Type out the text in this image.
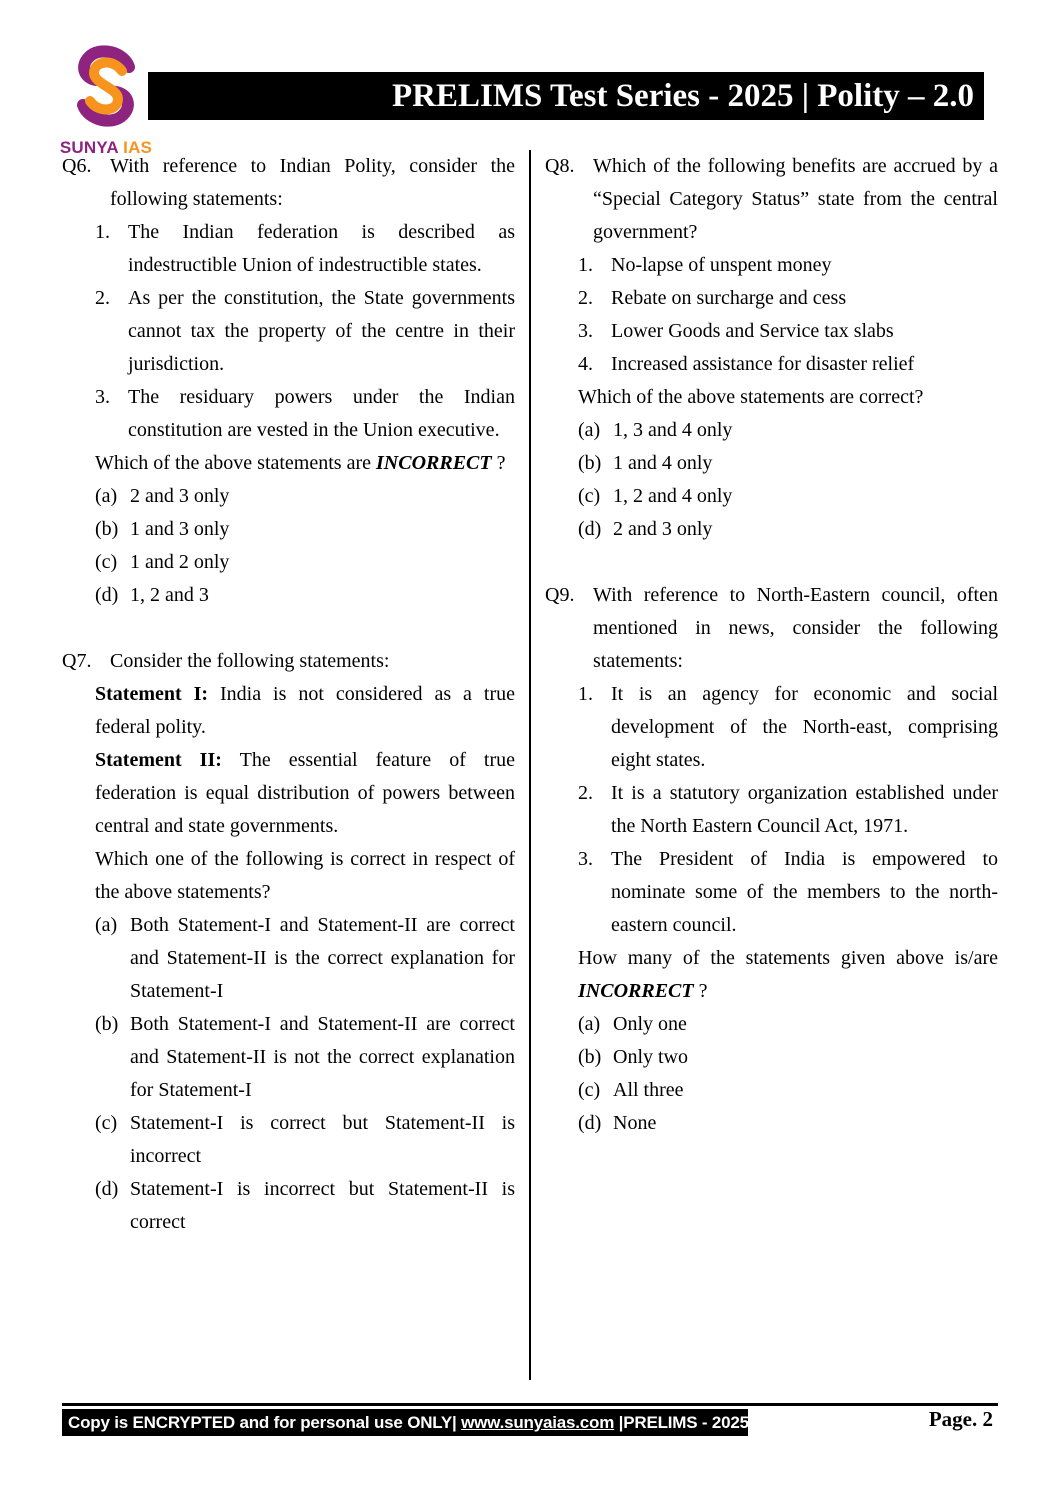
SUNYA IAS
PRELIMS Test Series - 2025 | Polity – 2.0

Q6. With reference to Indian Polity, consider the following statements:

1. The Indian federation is described as indestructible Union of indestructible states.

2. As per the constitution, the State governments cannot tax the property of the centre in their jurisdiction.

3. The residuary powers under the Indian constitution are vested in the Union executive.

Which of the above statements are INCORRECT ?

(a) 2 and 3 only

(b) 1 and 3 only

(c) 1 and 2 only

(d) 1, 2 and 3

Q7. Consider the following statements:

Statement I: India is not considered as a true federal polity.

Statement II: The essential feature of true federation is equal distribution of powers between central and state governments.

Which one of the following is correct in respect of the above statements?

(a) Both Statement-I and Statement-II are correct and Statement-II is the correct explanation for Statement-I

(b) Both Statement-I and Statement-II are correct and Statement-II is not the correct explanation for Statement-I

(c) Statement-I is correct but Statement-II is incorrect

(d) Statement-I is incorrect but Statement-II is correct

Q8. Which of the following benefits are accrued by a “Special Category Status” state from the central government?

1. No-lapse of unspent money

2. Rebate on surcharge and cess

3. Lower Goods and Service tax slabs

4. Increased assistance for disaster relief

Which of the above statements are correct?

(a) 1, 3 and 4 only

(b) 1 and 4 only

(c) 1, 2 and 4 only

(d) 2 and 3 only

Q9. With reference to North-Eastern council, often mentioned in news, consider the following statements:

1. It is an agency for economic and social development of the North-east, comprising eight states.

2. It is a statutory organization established under the North Eastern Council Act, 1971.

3. The President of India is empowered to nominate some of the members to the north-eastern council.

How many of the statements given above is/are INCORRECT ?

(a) Only one

(b) Only two

(c) All three

(d) None

Copy is ENCRYPTED and for personal use ONLY| www.sunyaias.com |PRELIMS - 2025	Page. 2
